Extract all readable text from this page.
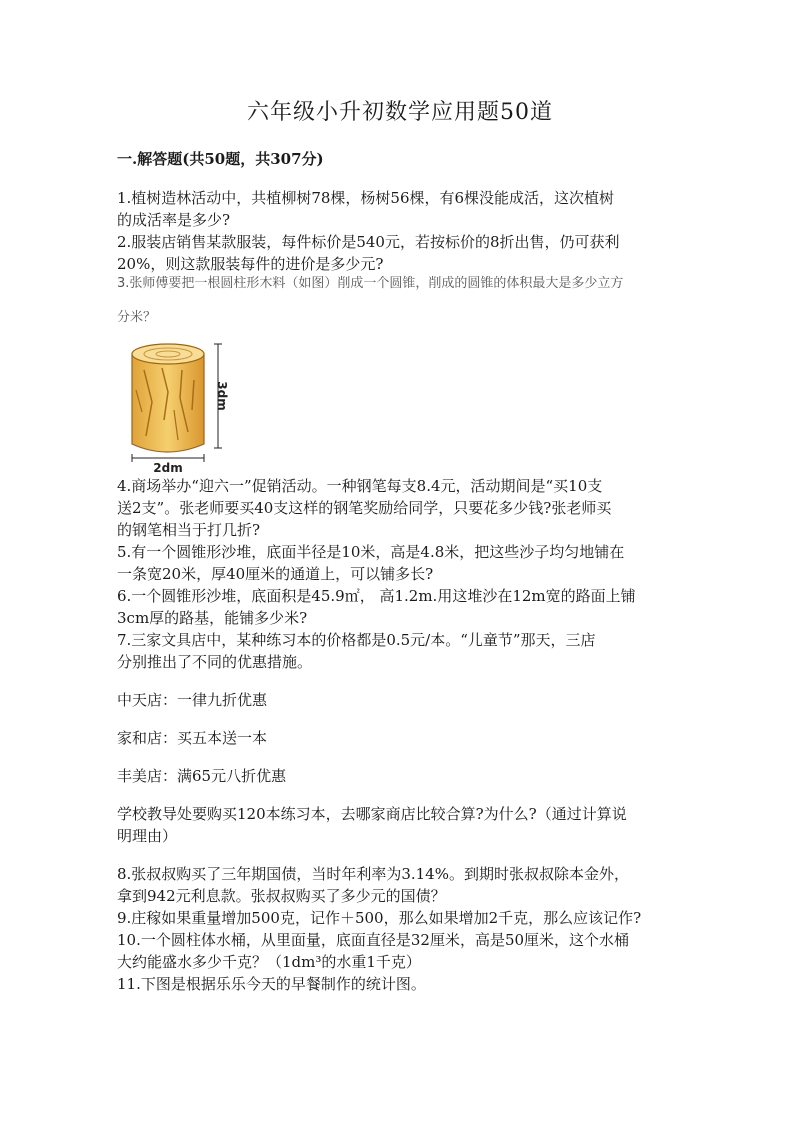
六年级小升初数学应用题50道
一.解答题(共50题，共307分)
1.植树造林活动中，共植柳树78棵，杨树56棵，有6棵没能成活，这次植树
的成活率是多少?
2.服装店销售某款服装，每件标价是540元，若按标价的8折出售，仍可获利
20%，则这款服装每件的进价是多少元?
3.张师傅要把一根圆柱形木料（如图）削成一个圆锥，削成的圆锥的体积最大是多少立方
分米？
3dm
2dm
4.商场举办“迎六一”促销活动。一种钢笔每支8.4元，活动期间是“买10支
送2支”。张老师要买40支这样的钢笔奖励给同学，只要花多少钱?张老师买
的钢笔相当于打几折?
5.有一个圆锥形沙堆，底面半径是10米，高是4.8米，把这些沙子均匀地铺在
一条宽20米，厚40厘米的通道上，可以铺多长?
6.一个圆锥形沙堆，底面积是45.9㎡， 高1.2m.用这堆沙在12m宽的路面上铺
3cm厚的路基，能铺多少米?
7.三家文具店中，某种练习本的价格都是0.5元/本。“儿童节”那天，三店
分别推出了不同的优惠措施。
中天店：一律九折优惠
家和店：买五本送一本
丰美店：满65元八折优惠
学校教导处要购买120本练习本，去哪家商店比较合算?为什么?（通过计算说
明理由）
8.张叔叔购买了三年期国债，当时年利率为3.14%。到期时张叔叔除本金外，
拿到942元利息款。张叔叔购买了多少元的国债？
9.庄稼如果重量增加500克，记作＋500，那么如果增加2千克，那么应该记作?
10.一个圆柱体水桶，从里面量，底面直径是32厘米，高是50厘米，这个水桶
大约能盛水多少千克？（1dm³的水重1千克）
11.下图是根据乐乐今天的早餐制作的统计图。
